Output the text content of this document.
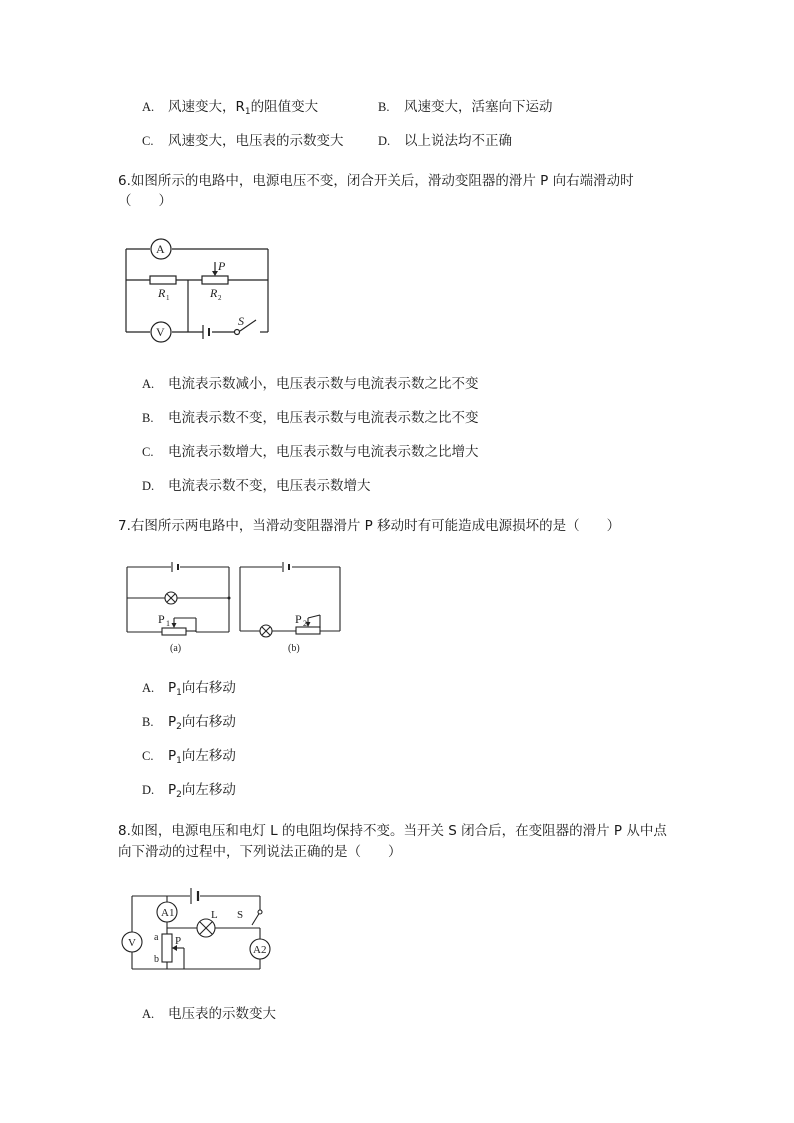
A. 风速变大，$R_1$的阻值变大	B. 风速变大，活塞向下运动
C. 风速变大，电压表的示数变大	D. 以上说法均不正确
6.如图所示的电路中，电源电压不变，闭合开关后，滑动变阻器的滑片 P 向右端滑动时
（　　）
A
V
P
R 1	R 2
S
A. 电流表示数减小，电压表示数与电流表示数之比不变
B. 电流表示数不变，电压表示数与电流表示数之比不变
C. 电流表示数增大，电压表示数与电流表示数之比增大
D. 电流表示数不变，电压表示数增大
7.右图所示两电路中，当滑动变阻器滑片 P 移动时有可能造成电源损坏的是（　　）
P 1	P 2
(a)	(b)
A. $P_1$向右移动
B. $P_2$向右移动
C. $P_1$向左移动
D. $P_2$向左移动
8.如图，电源电压和电灯 L 的电阻均保持不变。当开关 S 闭合后，在变阻器的滑片 P 从中点
向下滑动的过程中，下列说法正确的是（　　）
A1
A2
V
L S
a
b
P
A. 电压表的示数变大
